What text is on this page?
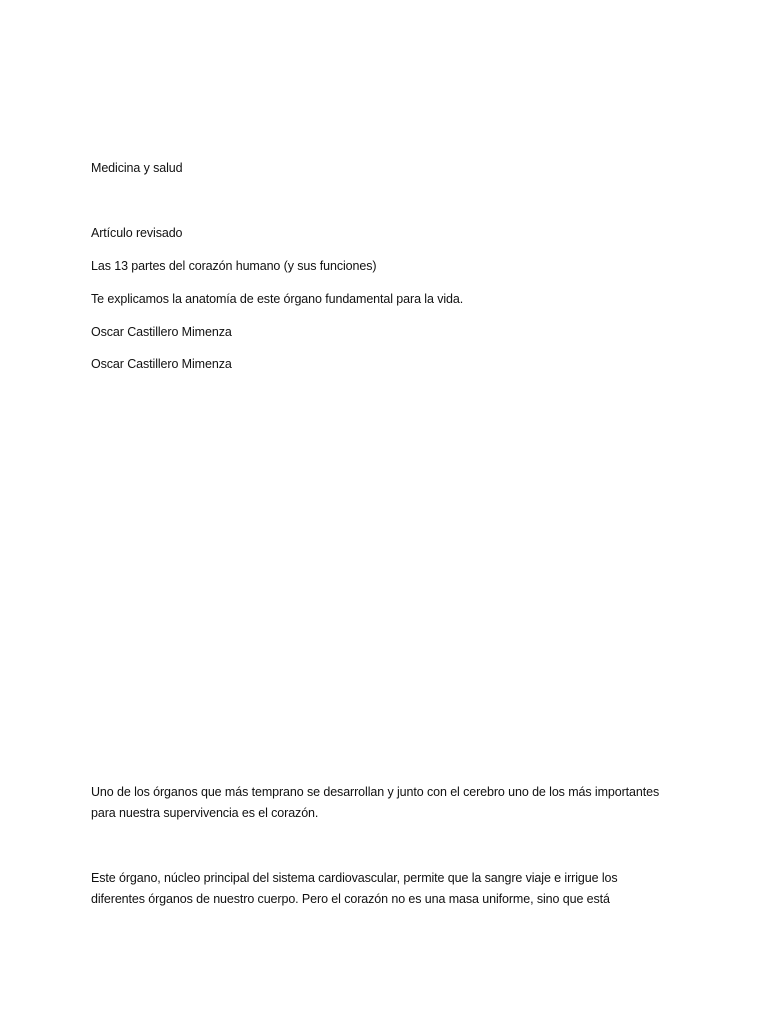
Medicina y salud
Artículo revisado
Las 13 partes del corazón humano (y sus funciones)
Te explicamos la anatomía de este órgano fundamental para la vida.
Oscar Castillero Mimenza
Oscar Castillero Mimenza
Uno de los órganos que más temprano se desarrollan y junto con el cerebro uno de los más importantes
para nuestra supervivencia es el corazón.
Este órgano, núcleo principal del sistema cardiovascular, permite que la sangre viaje e irrigue los
diferentes órganos de nuestro cuerpo. Pero el corazón no es una masa uniforme, sino que está
